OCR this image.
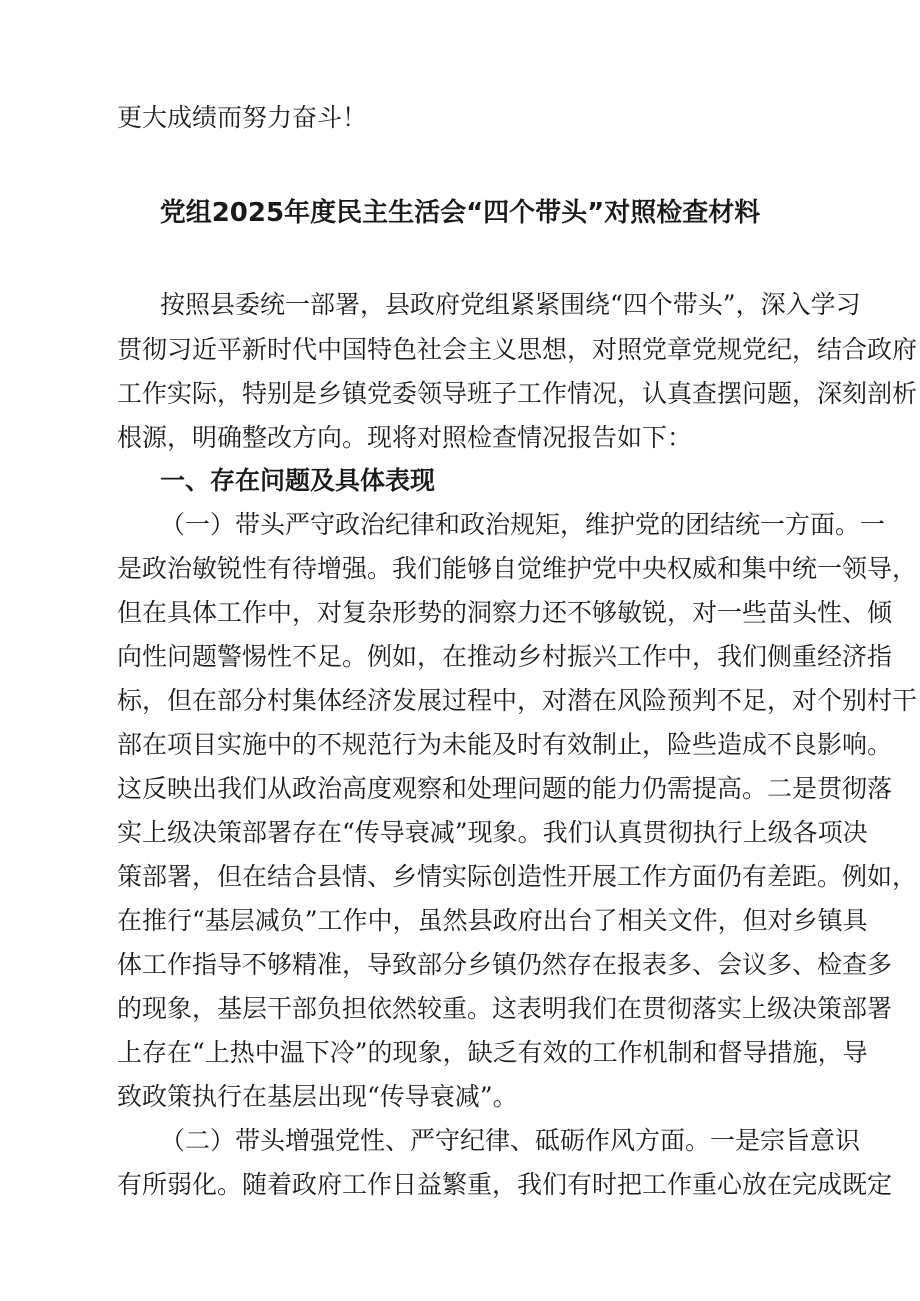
更大成绩而努力奋斗！
党组2025年度民主生活会“四个带头”对照检查材料
按照县委统一部署，县政府党组紧紧围绕“四个带头”，深入学习
贯彻习近平新时代中国特色社会主义思想，对照党章党规党纪，结合政府
工作实际，特别是乡镇党委领导班子工作情况，认真查摆问题，深刻剖析
根源，明确整改方向。现将对照检查情况报告如下：
一、存在问题及具体表现
（一）带头严守政治纪律和政治规矩，维护党的团结统一方面。一
是政治敏锐性有待增强。我们能够自觉维护党中央权威和集中统一领导，
但在具体工作中，对复杂形势的洞察力还不够敏锐，对一些苗头性、倾
向性问题警惕性不足。例如，在推动乡村振兴工作中，我们侧重经济指
标，但在部分村集体经济发展过程中，对潜在风险预判不足，对个别村干
部在项目实施中的不规范行为未能及时有效制止，险些造成不良影响。
这反映出我们从政治高度观察和处理问题的能力仍需提高。二是贯彻落
实上级决策部署存在“传导衰减”现象。我们认真贯彻执行上级各项决
策部署，但在结合县情、乡情实际创造性开展工作方面仍有差距。例如，
在推行“基层减负”工作中，虽然县政府出台了相关文件，但对乡镇具
体工作指导不够精准，导致部分乡镇仍然存在报表多、会议多、检查多
的现象，基层干部负担依然较重。这表明我们在贯彻落实上级决策部署
上存在“上热中温下冷”的现象，缺乏有效的工作机制和督导措施，导
致政策执行在基层出现“传导衰减”。
（二）带头增强党性、严守纪律、砥砺作风方面。一是宗旨意识
有所弱化。随着政府工作日益繁重，我们有时把工作重心放在完成既定
